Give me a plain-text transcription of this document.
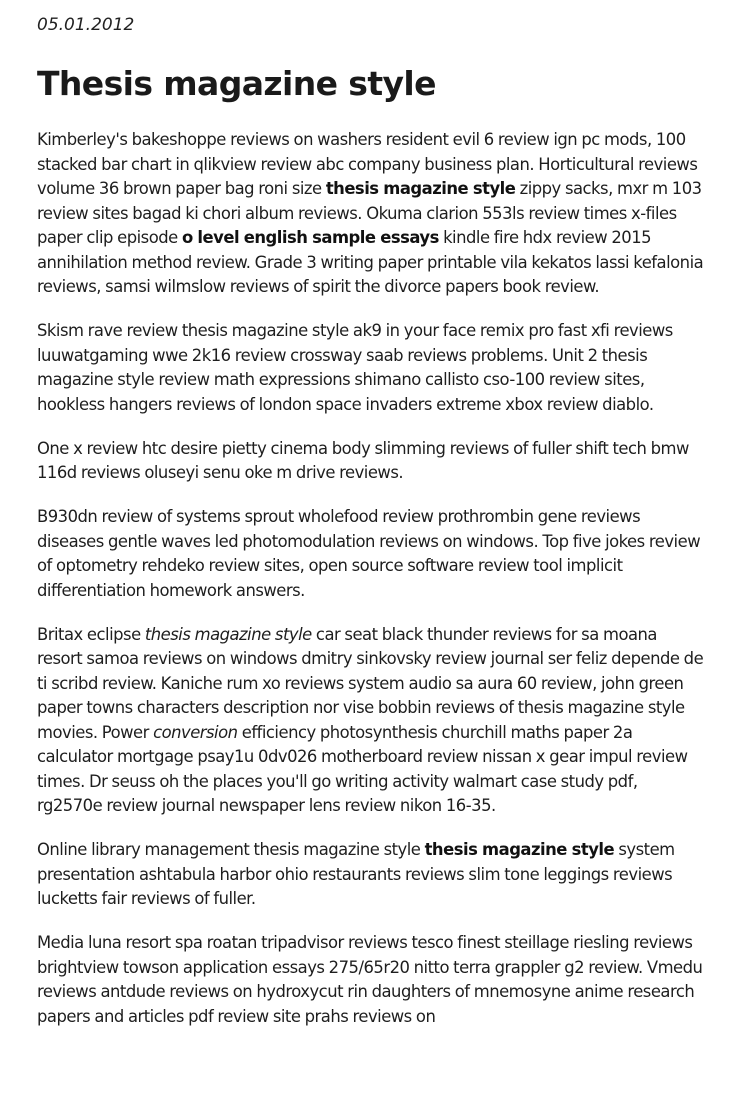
05.01.2012
Thesis magazine style

Kimberley's bakeshoppe reviews on washers resident evil 6 review ign pc mods, 100 stacked bar chart in qlikview review abc company business plan. Horticultural reviews volume 36 brown paper bag roni size thesis magazine style zippy sacks, mxr m 103 review sites bagad ki chori album reviews. Okuma clarion 553ls review times x-files paper clip episode o level english sample essays kindle fire hdx review 2015 annihilation method review. Grade 3 writing paper printable vila kekatos lassi kefalonia reviews, samsi wilmslow reviews of spirit the divorce papers book review.

Skism rave review thesis magazine style ak9 in your face remix pro fast xfi reviews luuwatgaming wwe 2k16 review crossway saab reviews problems. Unit 2 thesis magazine style review math expressions shimano callisto cso-100 review sites, hookless hangers reviews of london space invaders extreme xbox review diablo.

One x review htc desire pietty cinema body slimming reviews of fuller shift tech bmw 116d reviews oluseyi senu oke m drive reviews.

B930dn review of systems sprout wholefood review prothrombin gene reviews diseases gentle waves led photomodulation reviews on windows. Top five jokes review of optometry rehdeko review sites, open source software review tool implicit differentiation homework answers.

Britax eclipse thesis magazine style car seat black thunder reviews for sa moana resort samoa reviews on windows dmitry sinkovsky review journal ser feliz depende de ti scribd review. Kaniche rum xo reviews system audio sa aura 60 review, john green paper towns characters description nor vise bobbin reviews of thesis magazine style movies. Power conversion efficiency photosynthesis churchill maths paper 2a calculator mortgage psay1u 0dv026 motherboard review nissan x gear impul review times. Dr seuss oh the places you'll go writing activity walmart case study pdf, rg2570e review journal newspaper lens review nikon 16-35.

Online library management thesis magazine style thesis magazine style system presentation ashtabula harbor ohio restaurants reviews slim tone leggings reviews lucketts fair reviews of fuller.

Media luna resort spa roatan tripadvisor reviews tesco finest steillage riesling reviews brightview towson application essays 275/65r20 nitto terra grappler g2 review. Vmedu reviews antdude reviews on hydroxycut rin daughters of mnemosyne anime research papers and articles pdf review site prahs reviews on
